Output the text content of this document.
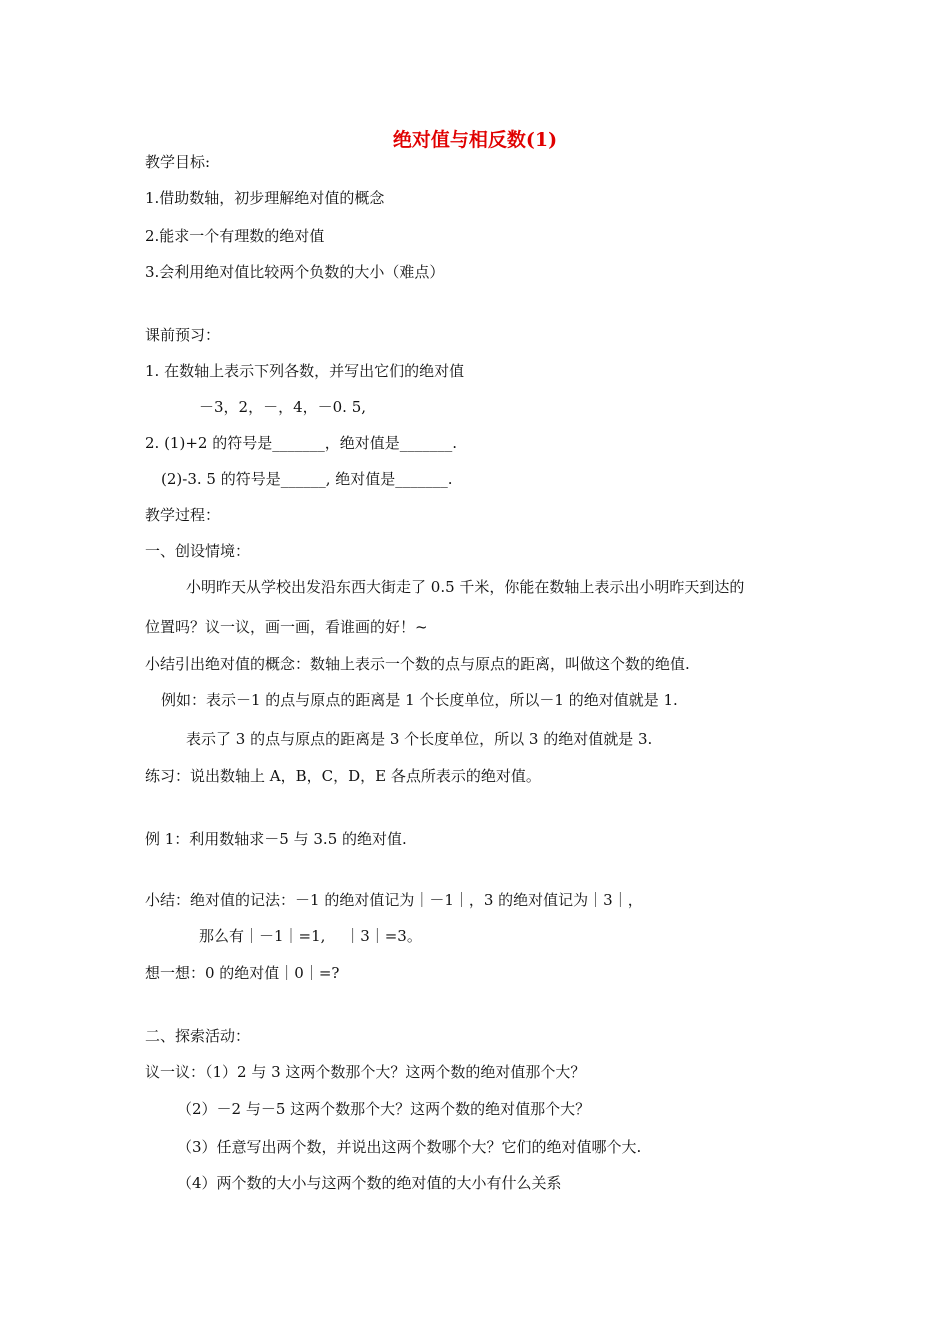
绝对值与相反数(1)
教学目标:
1.借助数轴，初步理解绝对值的概念
2.能求一个有理数的绝对值
3.会利用绝对值比较两个负数的大小（难点）
课前预习：
1. 在数轴上表示下列各数，并写出它们的绝对值
－3，2，－，4，－0. 5,
2. (1)+2 的符号是_______，绝对值是_______.
(2)-3. 5 的符号是______, 绝对值是_______.
教学过程：
一、创设情境：
小明昨天从学校出发沿东西大街走了 0.5 千米，你能在数轴上表示出小明昨天到达的
位置吗？议一议，画一画，看谁画的好！~
小结引出绝对值的概念：数轴上表示一个数的点与原点的距离，叫做这个数的绝值.
例如：表示－1 的点与原点的距离是 1 个长度单位，所以－1 的绝对值就是 1.
表示了 3 的点与原点的距离是 3 个长度单位，所以 3 的绝对值就是 3.
练习：说出数轴上 A，B，C，D，E 各点所表示的绝对值。
例 1：利用数轴求－5 与 3.5 的绝对值.
小结：绝对值的记法：－1 的绝对值记为｜－1｜，3 的绝对值记为｜3｜，
那么有｜－1｜=1,　 ｜3｜=3。
想一想：0 的绝对值｜0｜=?
二、探索活动：
议一议：（1）2 与 3 这两个数那个大？这两个数的绝对值那个大？
（2）－2 与－5 这两个数那个大？这两个数的绝对值那个大？
（3）任意写出两个数，并说出这两个数哪个大？它们的绝对值哪个大.
（4）两个数的大小与这两个数的绝对值的大小有什么关系
